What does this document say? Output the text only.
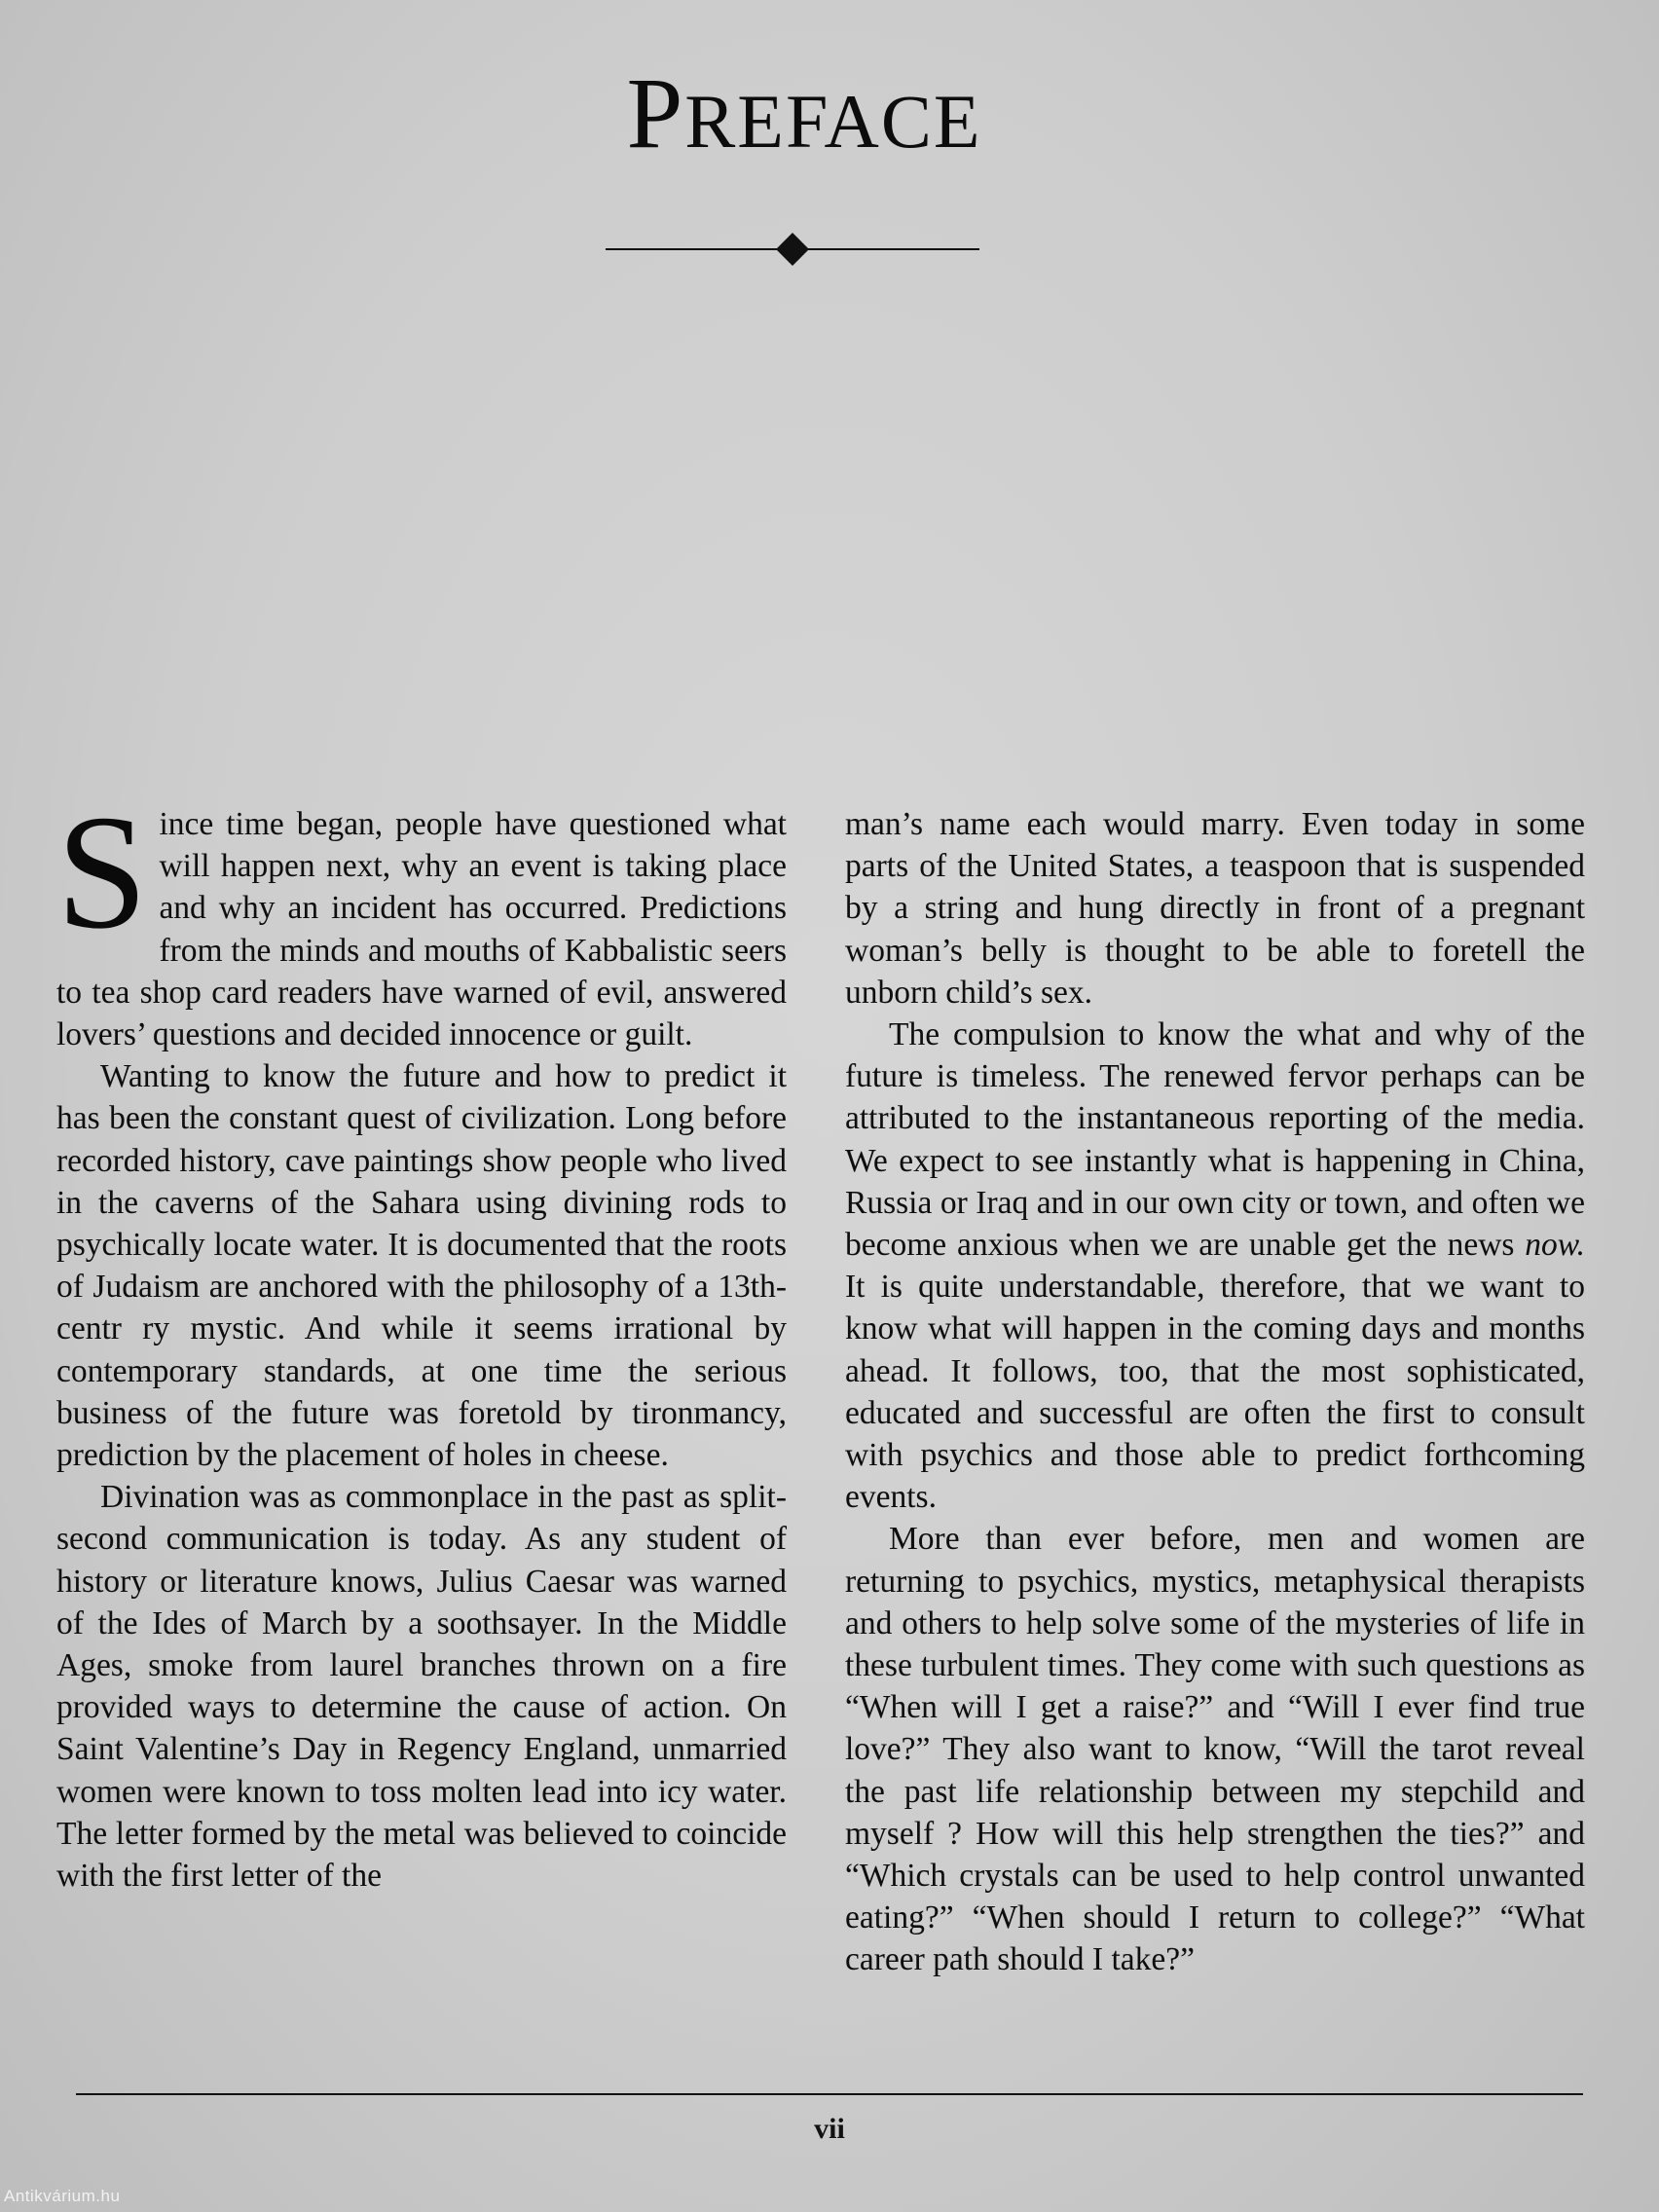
PREFACE

Since time began, people have questioned what will happen next, why an event is taking place and why an incident has occurred. Predictions from the minds and mouths of Kabbalistic seers to tea shop card readers have warned of evil, answered lovers’ questions and decided innocence or guilt.

Wanting to know the future and how to predict it has been the constant quest of civilization. Long before recorded history, cave paintings show people who lived in the caverns of the Sahara using divining rods to psychically locate water. It is documented that the roots of Judaism are anchored with the philosophy of a 13th-centr ry mystic. And while it seems irrational by contemporary standards, at one time the serious business of the future was foretold by tironmancy, prediction by the placement of holes in cheese.

Divination was as commonplace in the past as split-second communication is today. As any student of history or literature knows, Julius Caesar was warned of the Ides of March by a soothsayer. In the Middle Ages, smoke from laurel branches thrown on a fire provided ways to determine the cause of action. On Saint Valentine’s Day in Regency England, unmarried women were known to toss molten lead into icy water. The letter formed by the metal was believed to coincide with the first letter of the

man’s name each would marry. Even today in some parts of the United States, a teaspoon that is suspended by a string and hung directly in front of a pregnant woman’s belly is thought to be able to foretell the unborn child’s sex.

The compulsion to know the what and why of the future is timeless. The renewed fervor perhaps can be attributed to the instantaneous reporting of the media. We expect to see instantly what is happening in China, Russia or Iraq and in our own city or town, and often we become anxious when we are unable get the news now. It is quite understandable, therefore, that we want to know what will happen in the coming days and months ahead. It follows, too, that the most sophisticated, educated and successful are often the first to consult with psychics and those able to predict forthcoming events.

More than ever before, men and women are returning to psychics, mystics, metaphysical therapists and others to help solve some of the mysteries of life in these turbulent times. They come with such questions as “When will I get a raise?” and “Will I ever find true love?” They also want to know, “Will the tarot reveal the past life relationship between my stepchild and myself ? How will this help strengthen the ties?” and “Which crystals can be used to help control unwanted eating?” “When should I return to college?” “What career path should I take?”

vii
Antikvárium.hu
